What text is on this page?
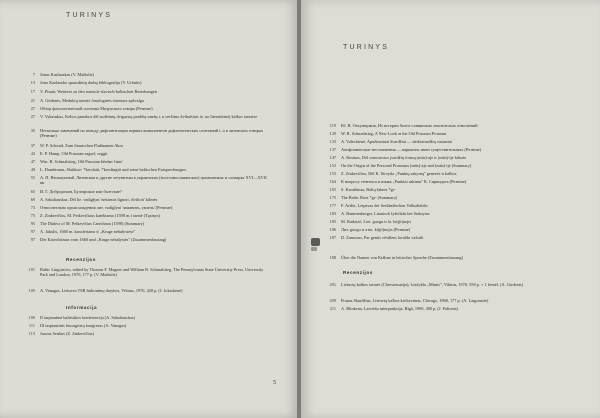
TURINYS
7	Jonas Kazlauskas (V. Mažiulis)
13	Jono Kazlausko spausdintų darbų bibliografija (V. Urbutis)
17	V. Pisani, Weiteres zu den iranisch-slavisch-baltischen Beziehungen
21	A. Girdenis, Medukių tarmės fonologinės sistemos apžvalga
27	Обзор фонологической системы Медукского говора (Резюме)
27	V. Vykauskas, Kelios pastabos dėl sudėtinių dvigarsių pradžių sandų i, u veržimo dvibalsiais ie, uo literatūrinėj kalbos tarmėse
35	Несколько замечаний по поводу дифтонгизации первых компонентов дифтонгических сочетаний i, u в литовских говорах (Резюме)
37	W. P. Schmid, Zum litauischen Flußnamen Akra
43	E. P. Hamp, Old Prussian sagsel, seggit
47	Wm. R. Schmalstieg, Old Prussian kērdan 'time'
49	L. Dambiunas, Slaitkuo- *kerslaiti, *kerslingiti und seine baltischen Entsprechungen
55	А. П. Непокупный, Литовская и другие летувизмы в украинских (восточнославянских) грамматиках и словарях XVI—XVII вв.
65	И. Г. Добродомов, Булгарские или балтские?
69	A. Sabaliauskas, Dėl lie. vadiglyni 'nekirmis lignoti, išvilioti' kilmės
73	Относительно происхождения лит. vadiglyni 'заманить, увлечь' (Резюме)
75	Z. Zinkevičius, M. Petkevičiaus katekizmo (1598 m.) tarmė (Tęsinys)
95	The Dialect of M. Petkevičius Catechism (1598) (Summary)
97	A. Jakulis, 1660 m. kancleriams ir „Kruge nebalystėse"
97	Der Katechismus vom 1660 und „Kruge nebalystės" (Zusammenfassung)
Recenzijos
101	Baltic Linguistics, edited by Thomas F. Magner and William R. Schmalstieg, The Pennsylvania State University Press, University Park and London, 1970, 177 p. (V. Mažiulis)
105	A. Vanagas, Lietuvos TSR hidronimų darybos, Vilnius, 1970, 428 p. (J. Jokaitienė)
Informacija
109	II tarptautinė baltistikos konferencija (A. Sabaliauskas)
111	III tarptautinis finougristų kongresas (A. Vanagas)
113	Juozas Senkus (Z. Zinkevičius)
5
TURINYS
119	Ю. В. Откупщиков, Из истории балто-славянских лексических отношений
129	W. R. Schmalstieg, A New Look at the Old Prussian Pronoun
133	A. Valeckienė, Apažioniniai žvardžiai — daiktavardžių variantai
137	Апофонические местоимения — варианты имен существительных (Резюме)
147	A. Rosinas, Dėl senosiosios įvardžių formų (mūs)-aje ir (mūs)-ije kilmės
152	On the Origin of the Personal Pronouns (mūs)-aje and (mūs)-ije (Summary)
153	Z. Zinkevičius, Dėl K. Sirvydo „Punktų sakymų" genezės ir kalbos
164	К вопросу генезиса и языка „Punktai sakimu" К. Сирвидаса (Резюме)
165	S. Karaliūnas, Baltų šaknis *gr-
175	The Baltic Root *gr- (Summary)
177	F. Arište, Leipavas der Seeländischen Volksdialekt
183	A. Bammesberger, Litauisch lyžti/ūda bei Stalnytas
185	M. Rudzytė, Liet. guogu tr la. kūj(i)nojis
186	Лит. guogu и лтш. kūj(i)nojis (Резюме)
187	D. Zamozas, Par gentis vēstīlem lavaldu valodā
188	Über die Namen von Krābne in lettischer Sprache (Zusammenfassung)
Recenzijos
201	Lietuvių kalbos tarmės (Chrestomatija), Leidykla „Mintis", Vilnius, 1970, 558 p. + 1 žemėl. (A. Girdenis)
209	Pranas Skardžius, Lietuvių kalbos kirčiavimas, Chicago, 1968, 177 p. (A. Laigonaitė)
211	A. Blinkena, Latviešu interpunkcija, Rīgā, 1969, 400 p. (J. Palionis)
